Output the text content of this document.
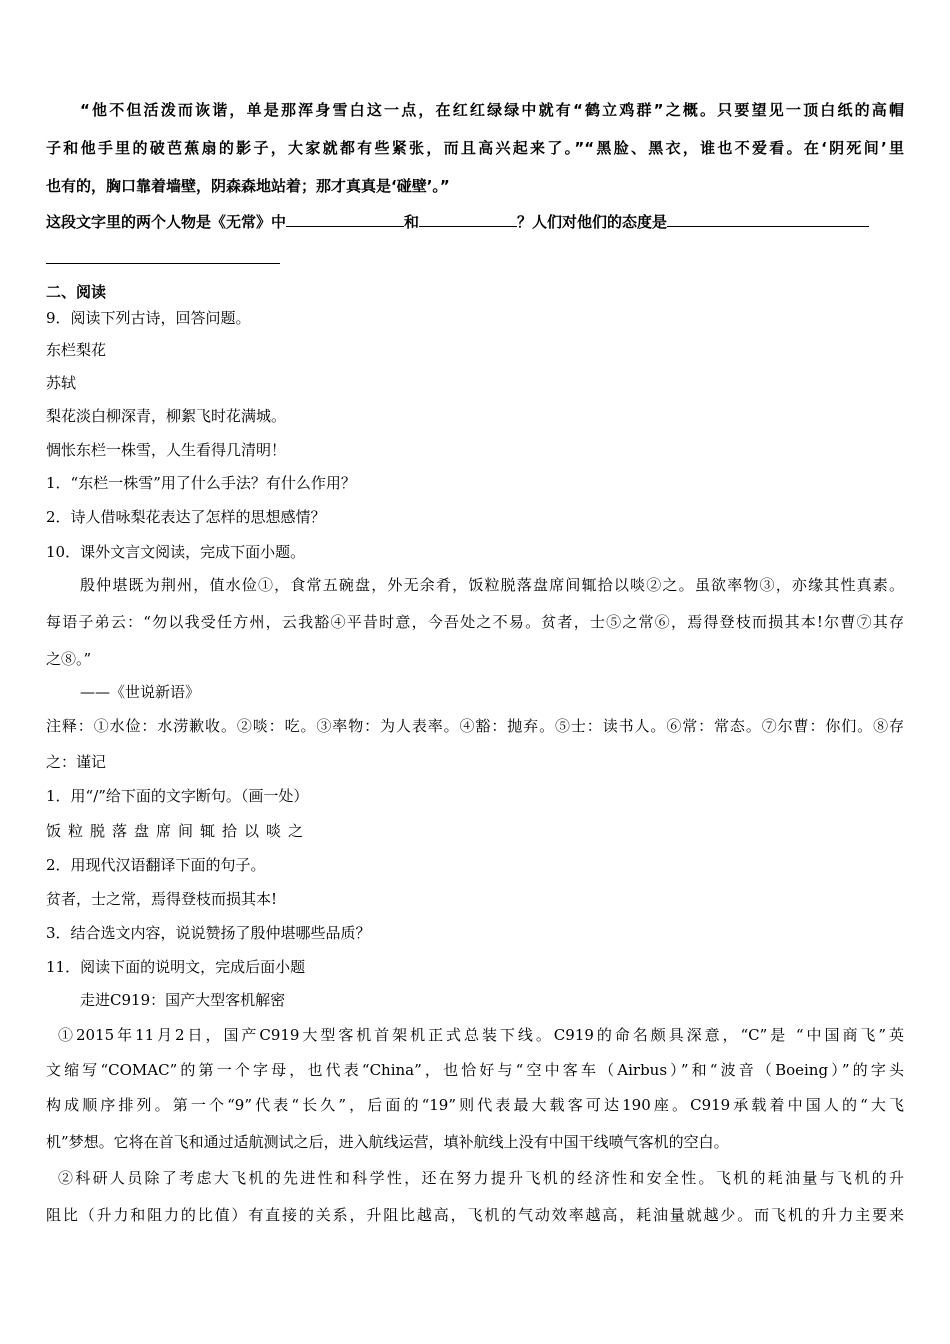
“他不但活泼而诙谐，单是那浑身雪白这一点，在红红绿绿中就有“鹤立鸡群”之概。只要望见一顶白纸的高帽
子和他手里的破芭蕉扇的影子，大家就都有些紧张，而且高兴起来了。”“黑脸、黑衣，谁也不爱看。在‘阴死间’里
也有的，胸口靠着墙壁，阴森森地站着；那才真真是‘碰壁’。”
这段文字里的两个人物是《无常》中	和	？人们对他们的态度是
二、阅读
9．阅读下列古诗，回答问题。
东栏梨花
苏轼
梨花淡白柳深青，柳絮飞时花满城。
惆怅东栏一株雪，人生看得几清明！
1．“东栏一株雪”用了什么手法？有什么作用？
2．诗人借咏梨花表达了怎样的思想感情？
10．课外文言文阅读，完成下面小题。
殷仲堪既为荆州，值水俭①，食常五碗盘，外无余肴，饭粒脱落盘席间辄拾以啖②之。虽欲率物③，亦缘其性真素。
每语子弟云：“勿以我受任方州，云我豁④平昔时意，今吾处之不易。贫者，士⑤之常⑥，焉得登枝而损其本!尔曹⑦其存
之⑧。”
——《世说新语》
注释：①水俭：水涝歉收。②啖：吃。③率物：为人表率。④豁：抛弃。⑤士：读书人。⑥常：常态。⑦尔曹：你们。⑧存
之：谨记
1．用“/”给下面的文字断句。（画一处）
饭粒脱落盘席间辄拾以啖之
2．用现代汉语翻译下面的句子。
贫者，士之常，焉得登枝而损其本!
3．结合选文内容，说说赞扬了殷仲堪哪些品质？
11．阅读下面的说明文，完成后面小题
走进C919：国产大型客机解密
①2015年11月2日，国产C919大型客机首架机正式总装下线。C919的命名颇具深意，“C”是 “中国商飞”英
文缩写“COMAC”的第一个字母，也代表“China”，也恰好与“空中客车（Airbus）”和“波音（Boeing）”的字头
构成顺序排列。第一个“9”代表“长久”，后面的“19”则代表最大载客可达190座。C919承载着中国人的“大飞
机”梦想。它将在首飞和通过适航测试之后，进入航线运营，填补航线上没有中国干线喷气客机的空白。
②科研人员除了考虑大飞机的先进性和科学性，还在努力提升飞机的经济性和安全性。飞机的耗油量与飞机的升
阻比（升力和阻力的比值）有直接的关系，升阻比越高，飞机的气动效率越高，耗油量就越少。而飞机的升力主要来
